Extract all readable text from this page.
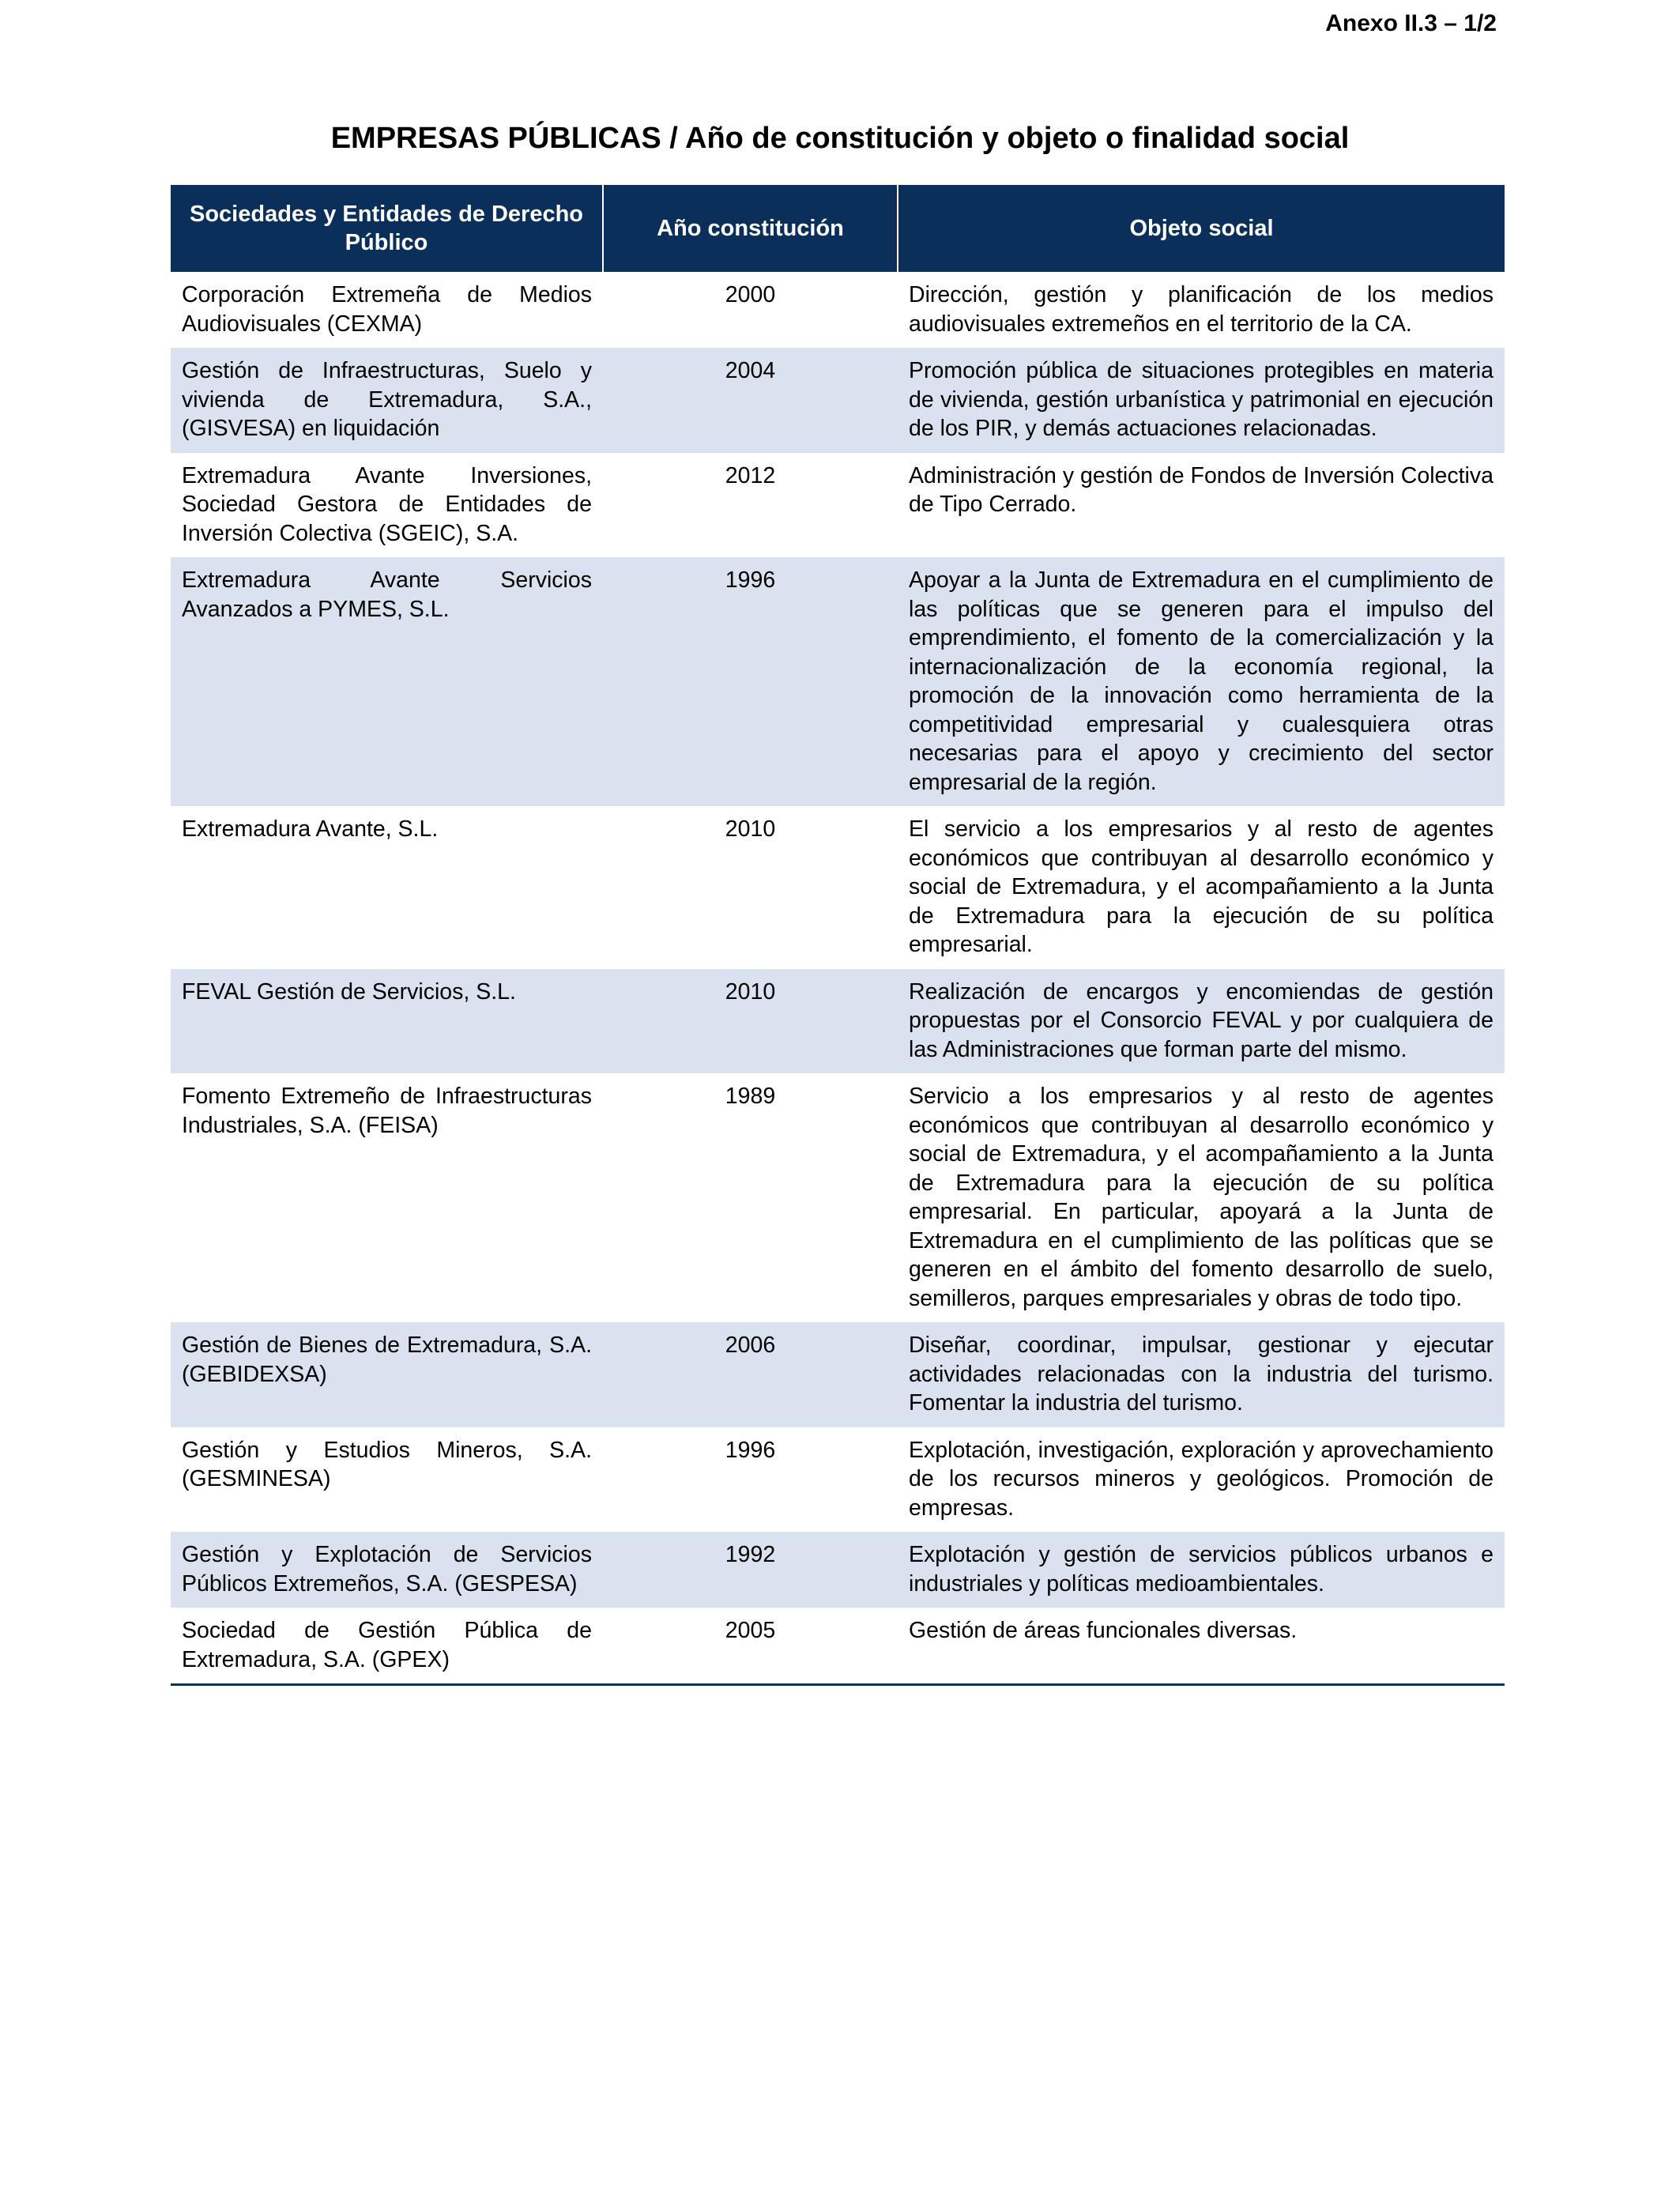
Anexo II.3 – 1/2
EMPRESAS PÚBLICAS / Año de constitución y objeto o finalidad social
Sociedades y Entidades de Derecho Público	Año constitución	Objeto social
Corporación Extremeña de Medios Audiovisuales (CEXMA)	2000	Dirección, gestión y planificación de los medios audiovisuales extremeños en el territorio de la CA.
Gestión de Infraestructuras, Suelo y vivienda de Extremadura, S.A., (GISVESA) en liquidación	2004	Promoción pública de situaciones protegibles en materia de vivienda, gestión urbanística y patrimonial en ejecución de los PIR, y demás actuaciones relacionadas.
Extremadura Avante Inversiones, Sociedad Gestora de Entidades de Inversión Colectiva (SGEIC), S.A.	2012	Administración y gestión de Fondos de Inversión Colectiva de Tipo Cerrado.
Extremadura Avante Servicios Avanzados a PYMES, S.L.	1996	Apoyar a la Junta de Extremadura en el cumplimiento de las políticas que se generen para el impulso del emprendimiento, el fomento de la comercialización y la internacionalización de la economía regional, la promoción de la innovación como herramienta de la competitividad empresarial y cualesquiera otras necesarias para el apoyo y crecimiento del sector empresarial de la región.
Extremadura Avante, S.L.	2010	El servicio a los empresarios y al resto de agentes económicos que contribuyan al desarrollo económico y social de Extremadura, y el acompañamiento a la Junta de Extremadura para la ejecución de su política empresarial.
FEVAL Gestión de Servicios, S.L.	2010	Realización de encargos y encomiendas de gestión propuestas por el Consorcio FEVAL y por cualquiera de las Administraciones que forman parte del mismo.
Fomento Extremeño de Infraestructuras Industriales, S.A. (FEISA)	1989	Servicio a los empresarios y al resto de agentes económicos que contribuyan al desarrollo económico y social de Extremadura, y el acompañamiento a la Junta de Extremadura para la ejecución de su política empresarial. En particular, apoyará a la Junta de Extremadura en el cumplimiento de las políticas que se generen en el ámbito del fomento desarrollo de suelo, semilleros, parques empresariales y obras de todo tipo.
Gestión de Bienes de Extremadura, S.A. (GEBIDEXSA)	2006	Diseñar, coordinar, impulsar, gestionar y ejecutar actividades relacionadas con la industria del turismo. Fomentar la industria del turismo.
Gestión y Estudios Mineros, S.A. (GESMINESA)	1996	Explotación, investigación, exploración y aprovechamiento de los recursos mineros y geológicos. Promoción de empresas.
Gestión y Explotación de Servicios Públicos Extremeños, S.A. (GESPESA)	1992	Explotación y gestión de servicios públicos urbanos e industriales y políticas medioambientales.
Sociedad de Gestión Pública de Extremadura, S.A. (GPEX)	2005	Gestión de áreas funcionales diversas.
